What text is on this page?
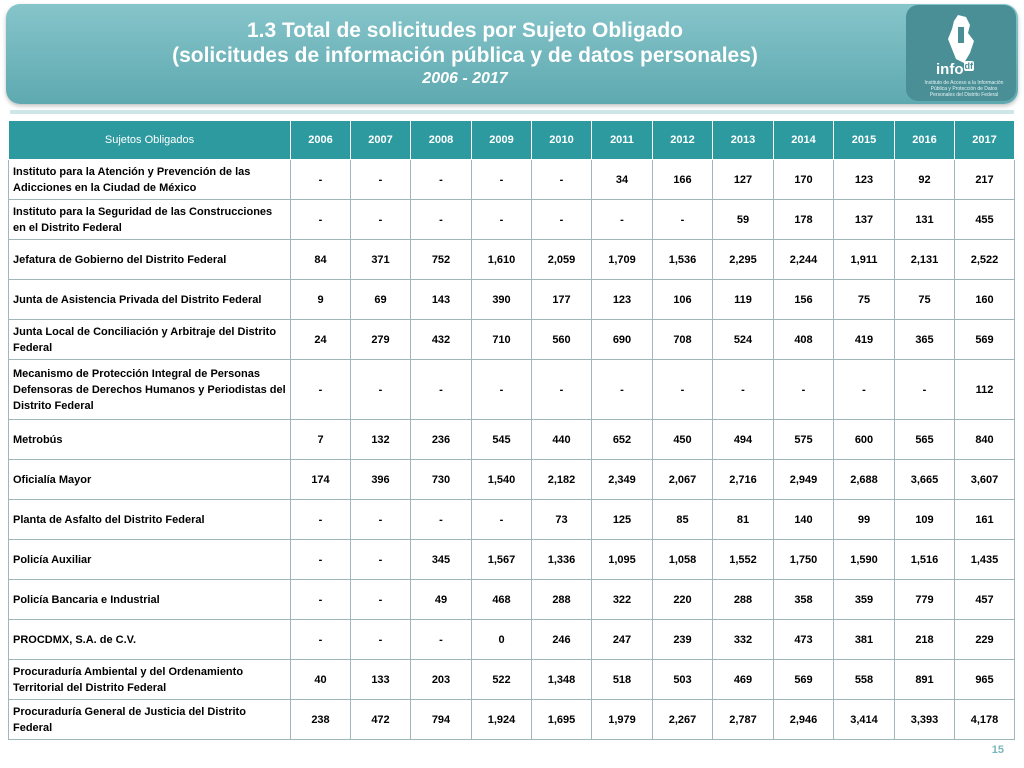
1.3 Total de solicitudes por Sujeto Obligado
(solicitudes de información pública y de datos personales)
2006 - 2017
info$^{df}$
Instituto de Acceso a la Información Pública y Protección de Datos Personales del Distrito Federal
Sujetos Obligados	2006	2007	2008	2009	2010	2011	2012	2013	2014	2015	2016	2017
Instituto para la Atención y Prevención de las Adicciones en la Ciudad de México	-	-	-	-	-	34	166	127	170	123	92	217
Instituto para la Seguridad de las Construcciones en el Distrito Federal	-	-	-	-	-	-	-	59	178	137	131	455
Jefatura de Gobierno del Distrito Federal	84	371	752	1,610	2,059	1,709	1,536	2,295	2,244	1,911	2,131	2,522
Junta de Asistencia Privada del Distrito Federal	9	69	143	390	177	123	106	119	156	75	75	160
Junta Local de Conciliación y Arbitraje del Distrito Federal	24	279	432	710	560	690	708	524	408	419	365	569
Mecanismo de Protección Integral de Personas Defensoras de Derechos Humanos y Periodistas del Distrito Federal	-	-	-	-	-	-	-	-	-	-	-	112
Metrobús	7	132	236	545	440	652	450	494	575	600	565	840
Oficialía Mayor	174	396	730	1,540	2,182	2,349	2,067	2,716	2,949	2,688	3,665	3,607
Planta de Asfalto del Distrito Federal	-	-	-	-	73	125	85	81	140	99	109	161
Policía Auxiliar	-	-	345	1,567	1,336	1,095	1,058	1,552	1,750	1,590	1,516	1,435
Policía Bancaria e Industrial	-	-	49	468	288	322	220	288	358	359	779	457
PROCDMX, S.A. de C.V.	-	-	-	0	246	247	239	332	473	381	218	229
Procuraduría Ambiental y del Ordenamiento Territorial del Distrito Federal	40	133	203	522	1,348	518	503	469	569	558	891	965
Procuraduría General de Justicia del Distrito Federal	238	472	794	1,924	1,695	1,979	2,267	2,787	2,946	3,414	3,393	4,178
15
